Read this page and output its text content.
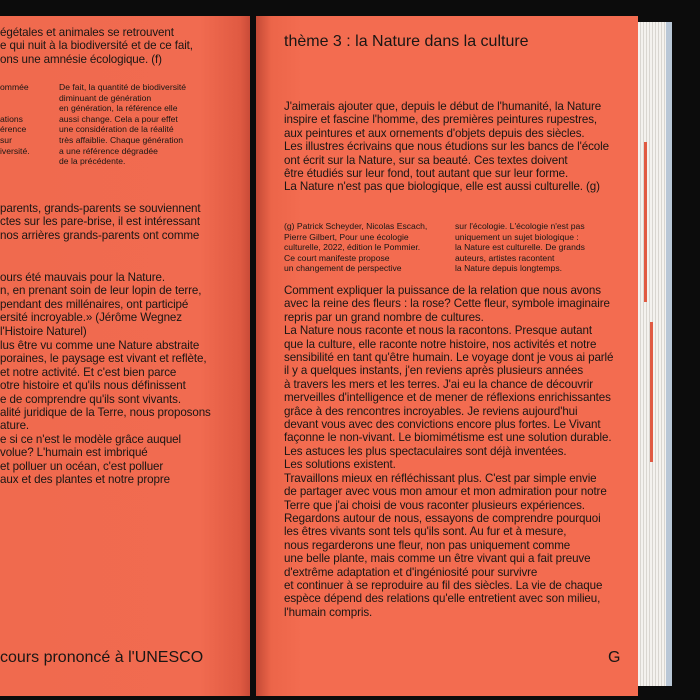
égétales et animales se retrouvent

e qui nuit à la biodiversité et de ce fait,

ons une amnésie écologique. (f)

ommée

ations

érence

sur

iversité.

De fait, la quantité de biodiversité

diminuant de génération

en génération, la référence elle

aussi change. Cela a pour effet

une considération de la réalité

très affaiblie. Chaque génération

a une référence dégradée

de la précédente.

parents, grands-parents se souviennent

ctes sur les pare-brise, il est intéressant

nos arrières grands-parents ont comme

ours été mauvais pour la Nature.

n, en prenant soin de leur lopin de terre,

pendant des millénaires, ont participé

ersité incroyable.» (Jérôme Wegnez

l'Histoire Naturel)

lus être vu comme une Nature abstraite

poraines, le paysage est vivant et reflète,

et notre activité. Et c'est bien parce

otre histoire et qu'ils nous définissent

e de comprendre qu'ils sont vivants.

alité juridique de la Terre, nous proposons

ature.

e si ce n'est le modèle grâce auquel

volue? L'humain est imbriqué

et polluer un océan, c'est polluer

aux et des plantes et notre propre

cours prononcé à l'UNESCO
thème 3 : la Nature dans la culture

J'aimerais ajouter que, depuis le début de l'humanité, la Nature

inspire et fascine l'homme, des premières peintures rupestres,

aux peintures et aux ornements d'objets depuis des siècles.

Les illustres écrivains que nous étudions sur les bancs de l'école

ont écrit sur la Nature, sur sa beauté. Ces textes doivent

être étudiés sur leur fond, tout autant que sur leur forme.

La Nature n'est pas que biologique, elle est aussi culturelle. (g)

(g) Patrick Scheyder, Nicolas Escach,

Pierre Gilbert, Pour une écologie

culturelle, 2022, édition le Pommier.

Ce court manifeste propose

un changement de perspective

sur l'écologie. L'écologie n'est pas

uniquement un sujet biologique :

la Nature est culturelle. De grands

auteurs, artistes racontent

la Nature depuis longtemps.

Comment expliquer la puissance de la relation que nous avons

avec la reine des fleurs : la rose? Cette fleur, symbole imaginaire

repris par un grand nombre de cultures.

La Nature nous raconte et nous la racontons. Presque autant

que la culture, elle raconte notre histoire, nos activités et notre

sensibilité en tant qu'être humain. Le voyage dont je vous ai parlé

il y a quelques instants, j'en reviens après plusieurs années

à travers les mers et les terres. J'ai eu la chance de découvrir

merveilles d'intelligence et de mener de réflexions enrichissantes

grâce à des rencontres incroyables. Je reviens aujourd'hui

devant vous avec des convictions encore plus fortes. Le Vivant

façonne le non-vivant. Le biomimétisme est une solution durable.

Les astuces les plus spectaculaires sont déjà inventées.

Les solutions existent.

Travaillons mieux en réfléchissant plus. C'est par simple envie

de partager avec vous mon amour et mon admiration pour notre

Terre que j'ai choisi de vous raconter plusieurs expériences.

Regardons autour de nous, essayons de comprendre pourquoi

les êtres vivants sont tels qu'ils sont. Au fur et à mesure,

nous regarderons une fleur, non pas uniquement comme

une belle plante, mais comme un être vivant qui a fait preuve

d'extrême adaptation et d'ingéniosité pour survivre

et continuer à se reproduire au fil des siècles. La vie de chaque

espèce dépend des relations qu'elle entretient avec son milieu,

l'humain compris.

G
